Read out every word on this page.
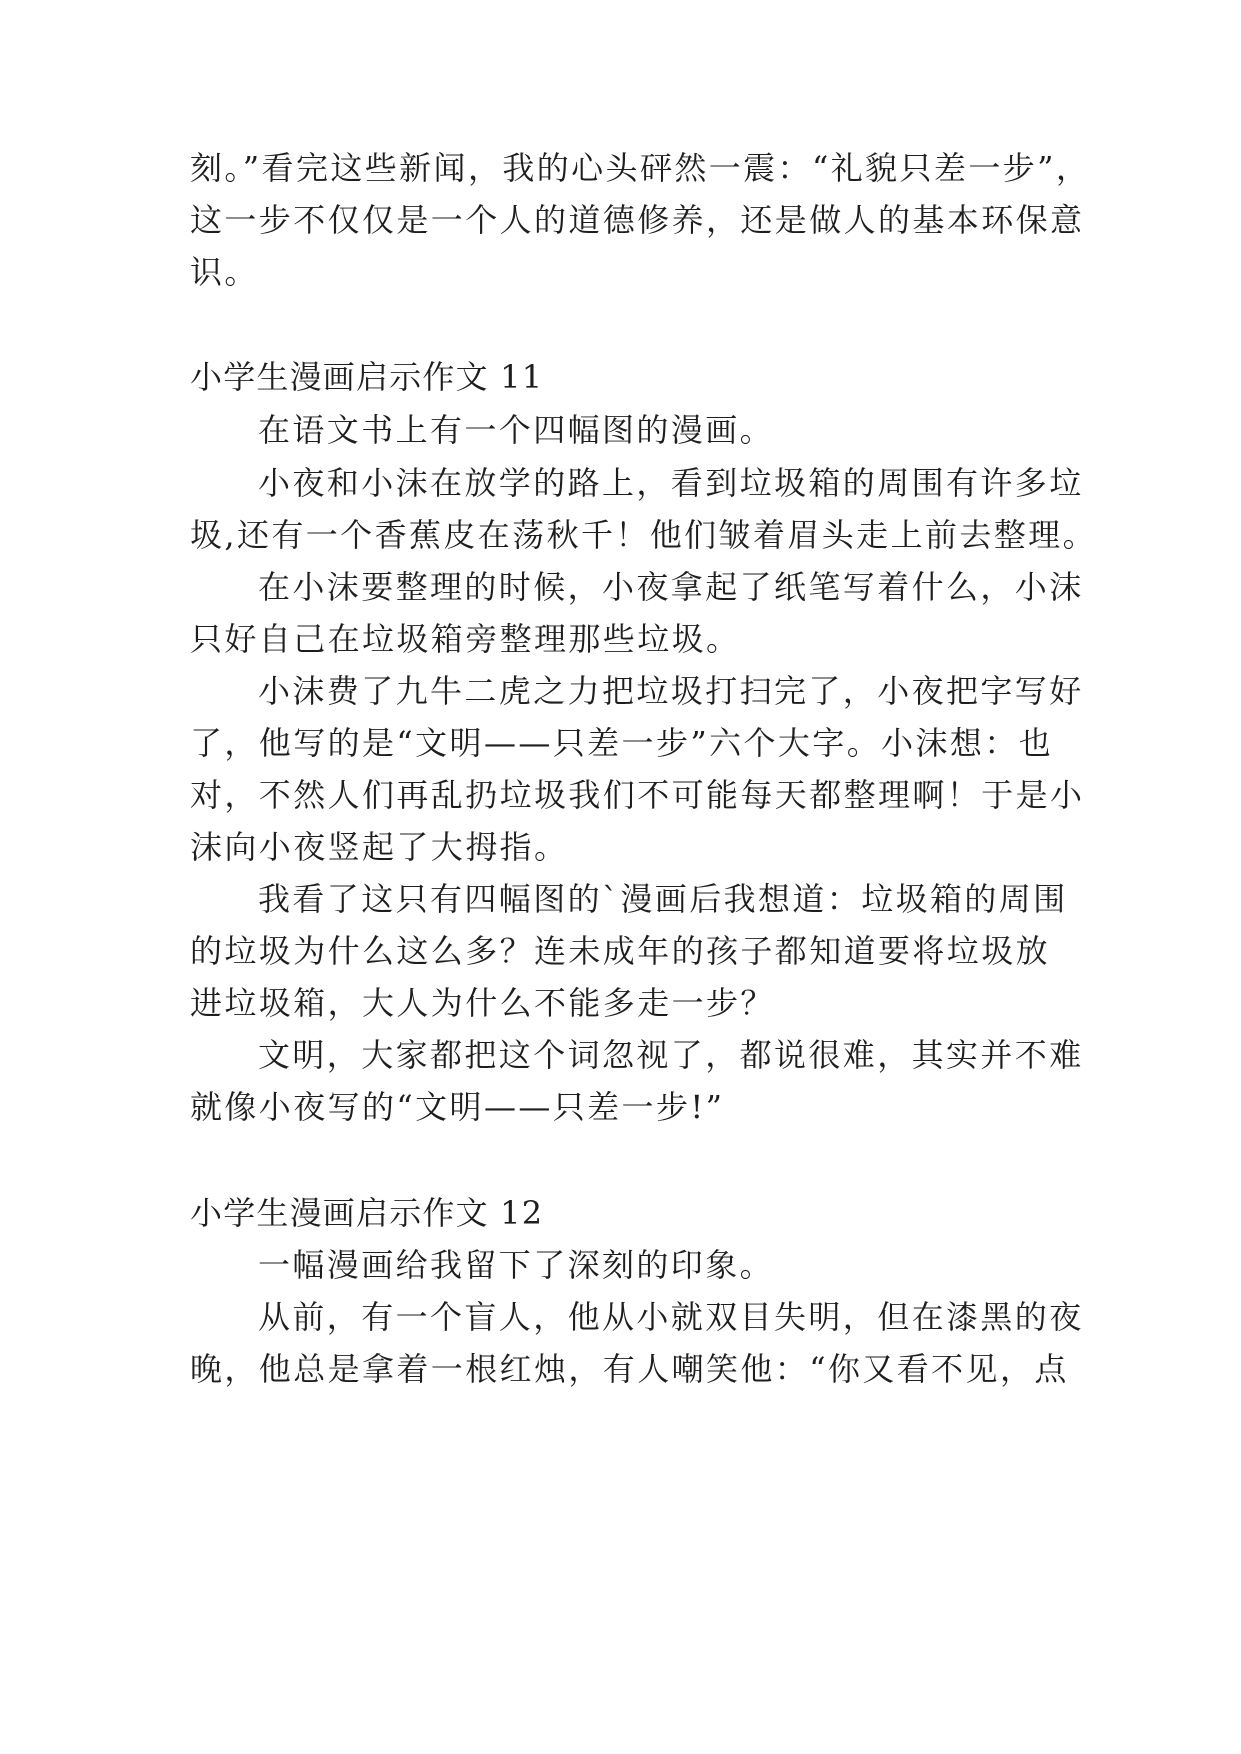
刻。”看完这些新闻，我的心头砰然一震：“礼貌只差一步”，
这一步不仅仅是一个人的道德修养，还是做人的基本环保意
识。
小学生漫画启示作文 11
在语文书上有一个四幅图的漫画。
小夜和小沫在放学的路上，看到垃圾箱的周围有许多垃
圾,还有一个香蕉皮在荡秋千！他们皱着眉头走上前去整理。
在小沫要整理的时候，小夜拿起了纸笔写着什么，小沫
只好自己在垃圾箱旁整理那些垃圾。
小沫费了九牛二虎之力把垃圾打扫完了，小夜把字写好
了，他写的是“文明——只差一步”六个大字。小沫想：也
对，不然人们再乱扔垃圾我们不可能每天都整理啊！于是小
沫向小夜竖起了大拇指。
我看了这只有四幅图的`漫画后我想道：垃圾箱的周围
的垃圾为什么这么多？连未成年的孩子都知道要将垃圾放
进垃圾箱，大人为什么不能多走一步？
文明，大家都把这个词忽视了，都说很难，其实并不难
就像小夜写的“文明——只差一步!”
小学生漫画启示作文 12
一幅漫画给我留下了深刻的印象。
从前，有一个盲人，他从小就双目失明，但在漆黑的夜
晚，他总是拿着一根红烛，有人嘲笑他：“你又看不见，点
